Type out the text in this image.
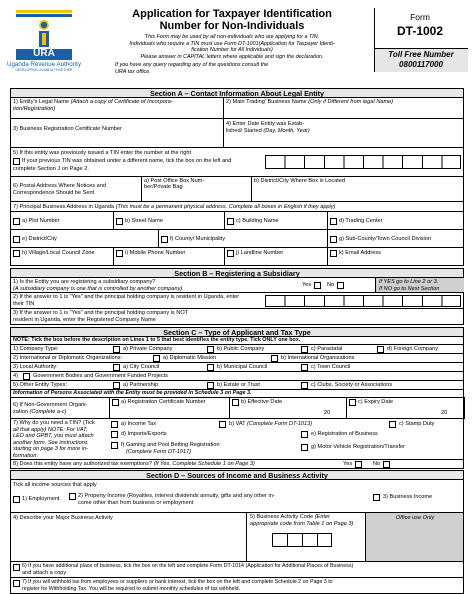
URA
Uganda Revenue Authority
DEVELOPING UGANDA TOGETHER
Application for Taxpayer Identification
Number for Non-Individuals
This Form may be used by all non-individuals who are applying for a TIN.
Individuals who require a TIN must use Form DT-1001(Application for Taxpayer Identi-
fication Number for All Individuals)
Please answer in CAPITAL letters where applicable and sign the declaration.
If you have any query regarding any of the questions consult the
URA tax office.
Form
DT-1002
Toll Free Number
0800117000
Section A – Contact Information About Legal Entity
1) Entity's Legal Name (Attach a copy of Certificate of Incorpora-
tion/Registration)
2) Main Trading' Business Name (Only if Different from legal Name)
3) Business Registration Certificate Number
4) Enter Date Entity was Estab-
lished/ Started (Day, Month, Year)
5) If this entity was previously issued a TIN enter the number at the right
If your previous TIN was obtained under a different name, tick the box on the left and
complete Section J on Page 2.
6) Postal Address Where Notices and
Correspondence Should be Sent
a) Post Office Box Num-
ber/Private Bag
b) District/City Where Box is Located
7) Principal Business Address in Uganda (This must be a permanent physical address. Complete all boxes in English if they apply)
a) Plot Number	b) Street Name	c) Building Name	d) Trading Center
e) District/City	f) County/ Municipality	g) Sub-County/Town Council Division
h) Village/Local Council Zone	i) Mobile Phone Number	j) Landline Number	k) Email Address
Section B – Registering a Subsidiary
1) Is the Entity you are registering a subsidiary company?
(A subsidiary company is one that is controlled by another company)
Yes	No	If YES go to Line 2 or 3.
If NO go to Next Section
2) If the answer to 1 is "Yes" and the principal holding company is resident in Uganda, enter
their TIN
3) If the answer to 1 is "Yes" and the principal holding company is NOT
resident in Uganda, enter the Registered Company Name
Section C – Type of Applicant and Tax Type
NOTE: Tick the box before the description on Lines 1 to 5 that best identifies the entity type. Tick ONLY one box.
1) Company Type:	a) Private Company	b) Public Company	c) Parastatal	d) Foreign Company
2) International or Diplomatic Organizations:	a) Diplomatic Mission	b) International Organizations
3) Local Authority:	a) City Council	b) Municipal Council	c) Town Council
4)	Government Bodies and Government Funded Projects
5) Other Entity Types:	a) Partnership	b) Estate or Trust	c) Clubs, Society or Associations
Information of Persons Associated with the Entity must be provided in Schedule 3 on Page 3.
6) If Non-Government Organi-
zation (Complete a-c)
a) Registration Certificate Number	b) Effective Date
20
c) Expiry Date
20
7) Why do you need a TIN? (Tick
all that apply) NOTE: For VAT,
LED and GPBT, you must attach
another form. See instructions
starting on page 3 for more in-
formation.
a) Income Tax	b) VAT (Complete Form DT-1013)	c) Stamp Duty
d) Imports/Exports	e) Registration of Business
f) Gaming and Pool Betting Registration
(Complete Form DT-1017)
g) Motor Vehicle Registration/Transfer
8) Does this entity have any authorized tax exemptions? (If Yes, Complete Schedule 1 on Page 3)	Yes	No
Section D – Sources of Income and Business Activity
Tick all income sources that apply
1) Employment	2) Property Income (Royalties, interest dividends annuity, gifts and any other in-
come other than from business or employment
3) Business Income
4) Describe your Major Business Activity	5) Business Activity Code (Enter
appropriate code from Table 1 on Page 3)
Office use Only
6) If you have additional place of business, tick the box on the left and complete Form DT-1014 (Application for Additional Places of Business)
and attach a copy
7) If you will withhold tax from employees or suppliers or bank interest, tick the box on the left and complete Schedule 2 on Page 3 to
register for Withholding Tax. You will be required to submit monthly schedules of tax withheld.
